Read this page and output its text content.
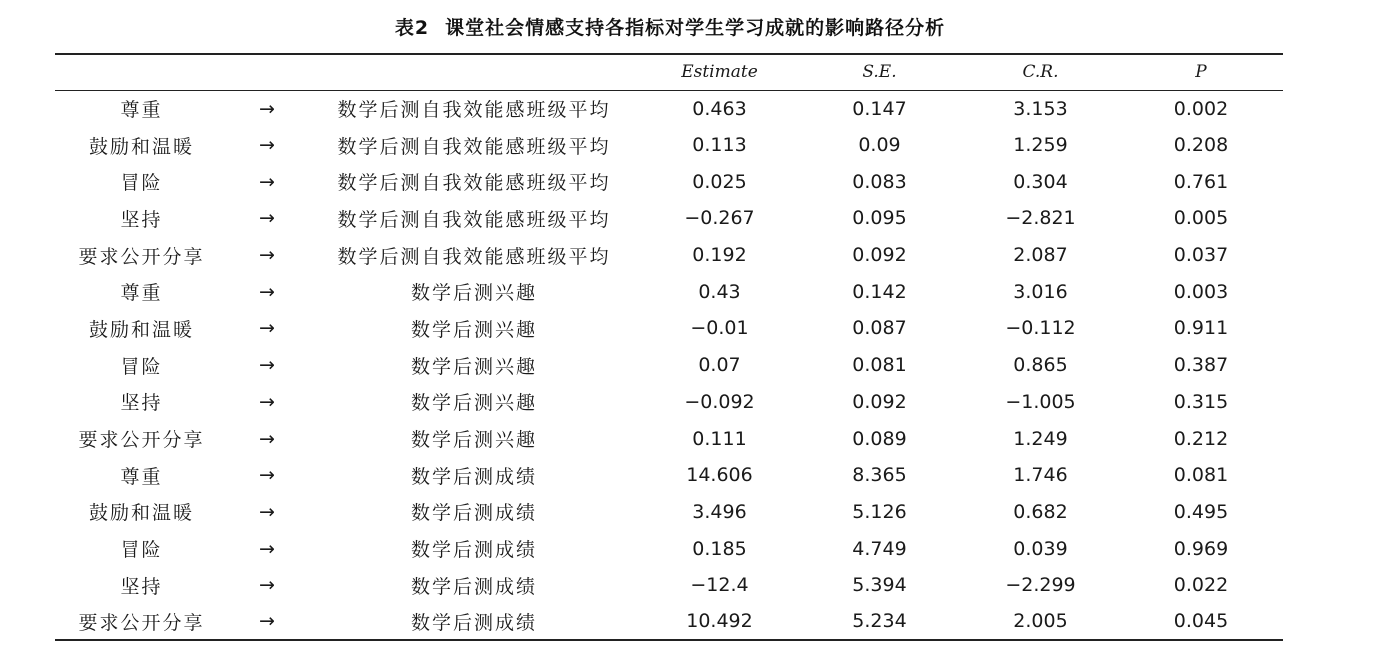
表2 课堂社会情感支持各指标对学生学习成就的影响路径分析
			Estimate	S.E.	C.R.	P
尊重	→	数学后测自我效能感班级平均	0.463	0.147	3.153	0.002
鼓励和温暖	→	数学后测自我效能感班级平均	0.113	0.09	1.259	0.208
冒险	→	数学后测自我效能感班级平均	0.025	0.083	0.304	0.761
坚持	→	数学后测自我效能感班级平均	−0.267	0.095	−2.821	0.005
要求公开分享	→	数学后测自我效能感班级平均	0.192	0.092	2.087	0.037
尊重	→	数学后测兴趣	0.43	0.142	3.016	0.003
鼓励和温暖	→	数学后测兴趣	−0.01	0.087	−0.112	0.911
冒险	→	数学后测兴趣	0.07	0.081	0.865	0.387
坚持	→	数学后测兴趣	−0.092	0.092	−1.005	0.315
要求公开分享	→	数学后测兴趣	0.111	0.089	1.249	0.212
尊重	→	数学后测成绩	14.606	8.365	1.746	0.081
鼓励和温暖	→	数学后测成绩	3.496	5.126	0.682	0.495
冒险	→	数学后测成绩	0.185	4.749	0.039	0.969
坚持	→	数学后测成绩	−12.4	5.394	−2.299	0.022
要求公开分享	→	数学后测成绩	10.492	5.234	2.005	0.045
